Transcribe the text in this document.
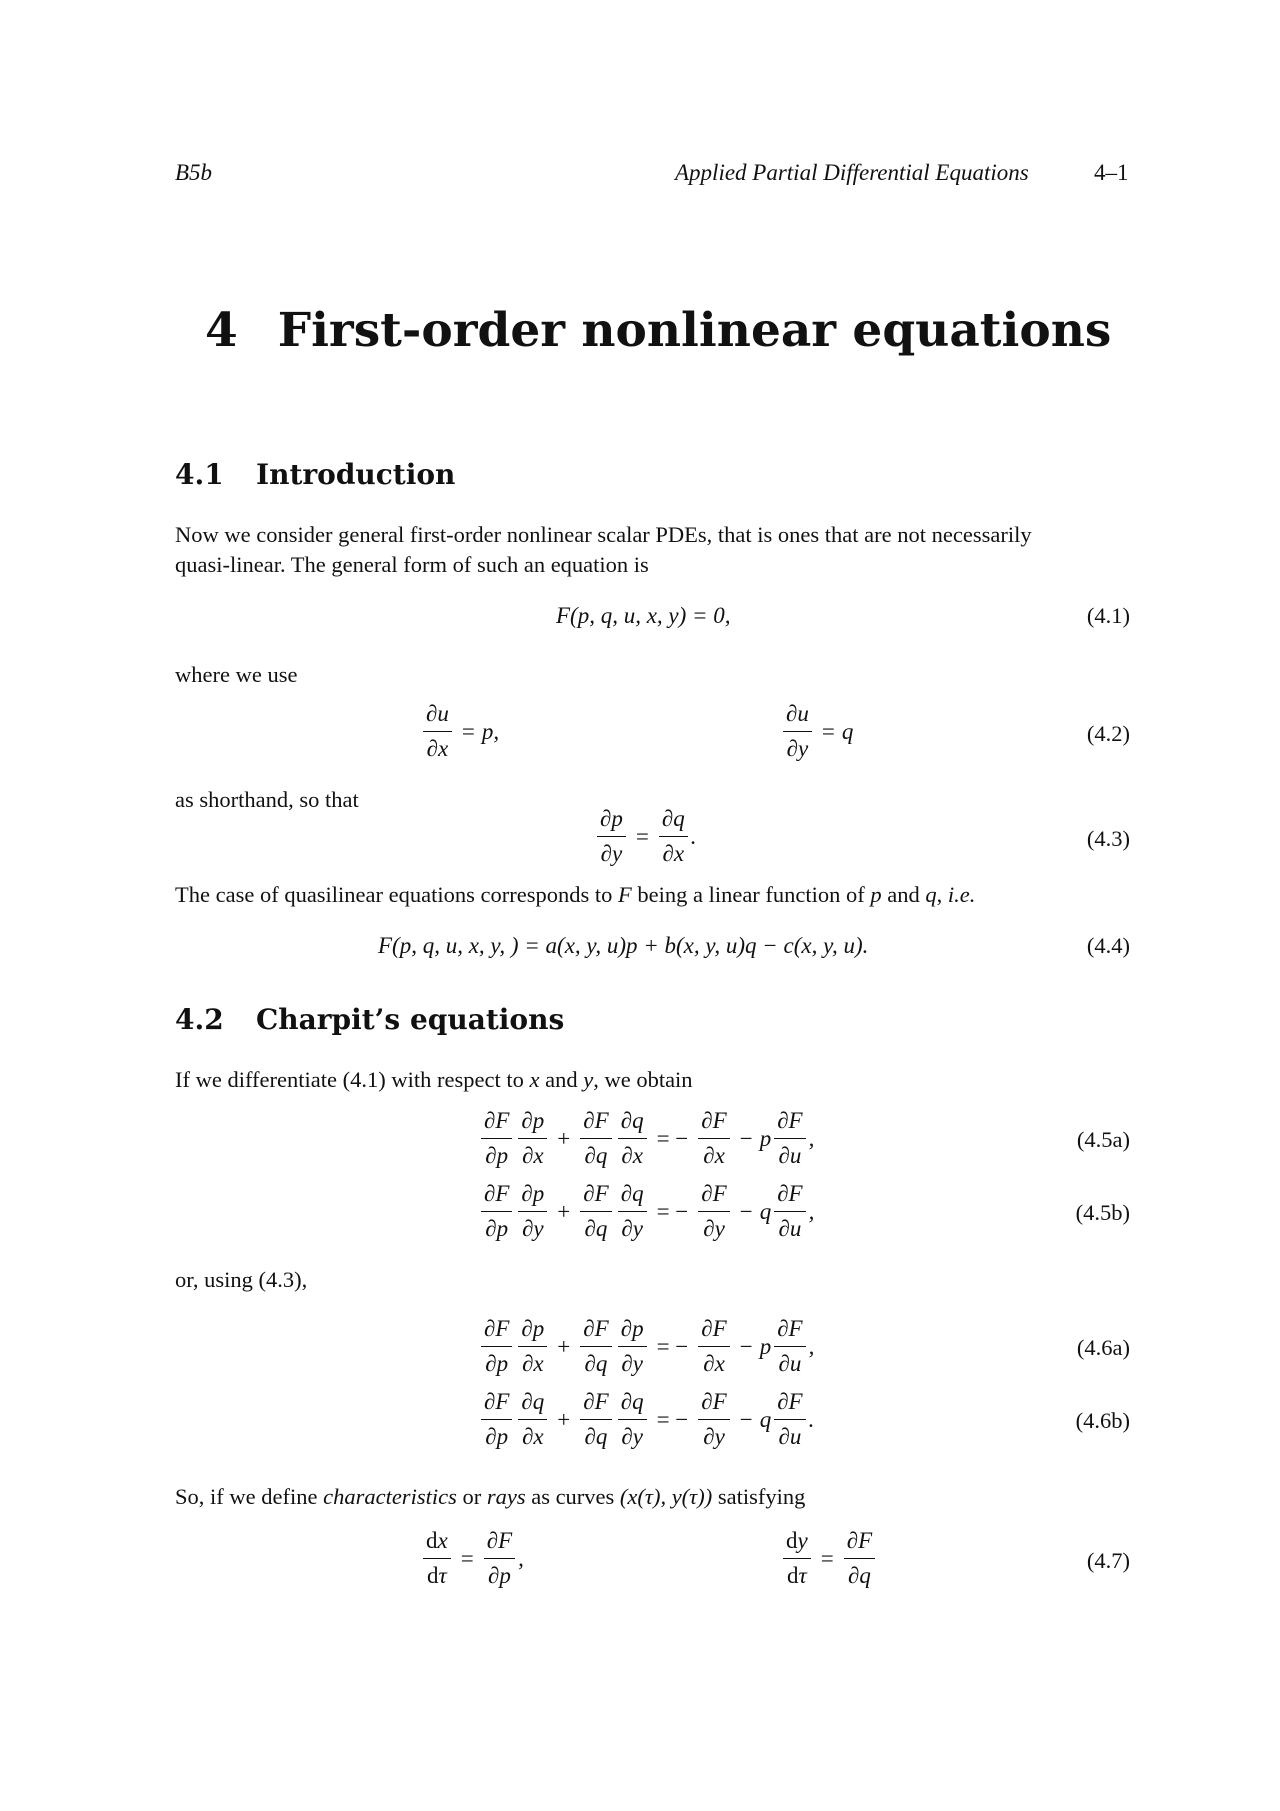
B5b	Applied Partial Differential Equations	4–1
4 First-order nonlinear equations
4.1 Introduction
Now we consider general first-order nonlinear scalar PDEs, that is ones that are not necessarily
quasi-linear. The general form of such an equation is
F(p, q, u, x, y) = 0,	(4.1)
where we use
$\frac{\partial u}{\partial x} = p$,	$\frac{\partial u}{\partial y} = q$	(4.2)
as shorthand, so that
$\frac{\partial p}{\partial y} = \frac{\partial q}{\partial x}$ .	(4.3)
The case of quasilinear equations corresponds to F being a linear function of p and q, i.e.
F(p, q, u, x, y, ) = a(x, y, u)p + b(x, y, u)q − c(x, y, u).	(4.4)
4.2 Charpit’s equations
If we differentiate (4.1) with respect to x and y, we obtain
$\frac{\partial F}{\partial p} \frac{\partial p}{\partial x} + \frac{\partial F}{\partial q} \frac{\partial q}{\partial x}$ = − $\frac{\partial F}{\partial x} - p \frac{\partial F}{\partial u}$ ,	(4.5a)
$\frac{\partial F}{\partial p} \frac{\partial p}{\partial y} + \frac{\partial F}{\partial q} \frac{\partial q}{\partial y}$ = − $\frac{\partial F}{\partial y} - q \frac{\partial F}{\partial u}$ ,	(4.5b)
or, using (4.3),
$\frac{\partial F}{\partial p} \frac{\partial p}{\partial x} + \frac{\partial F}{\partial q} \frac{\partial p}{\partial y}$ = − $\frac{\partial F}{\partial x} - p \frac{\partial F}{\partial u}$ ,	(4.6a)
$\frac{\partial F}{\partial p} \frac{\partial q}{\partial x} + \frac{\partial F}{\partial q} \frac{\partial q}{\partial y}$ = − $\frac{\partial F}{\partial y} - q \frac{\partial F}{\partial u}$ .	(4.6b)
So, if we define characteristics or rays as curves (x(τ), y(τ)) satisfying
$\frac{dx}{d\tau} = \frac{\partial F}{\partial p}$ ,	$\frac{dy}{d\tau} = \frac{\partial F}{\partial q}$	(4.7)
